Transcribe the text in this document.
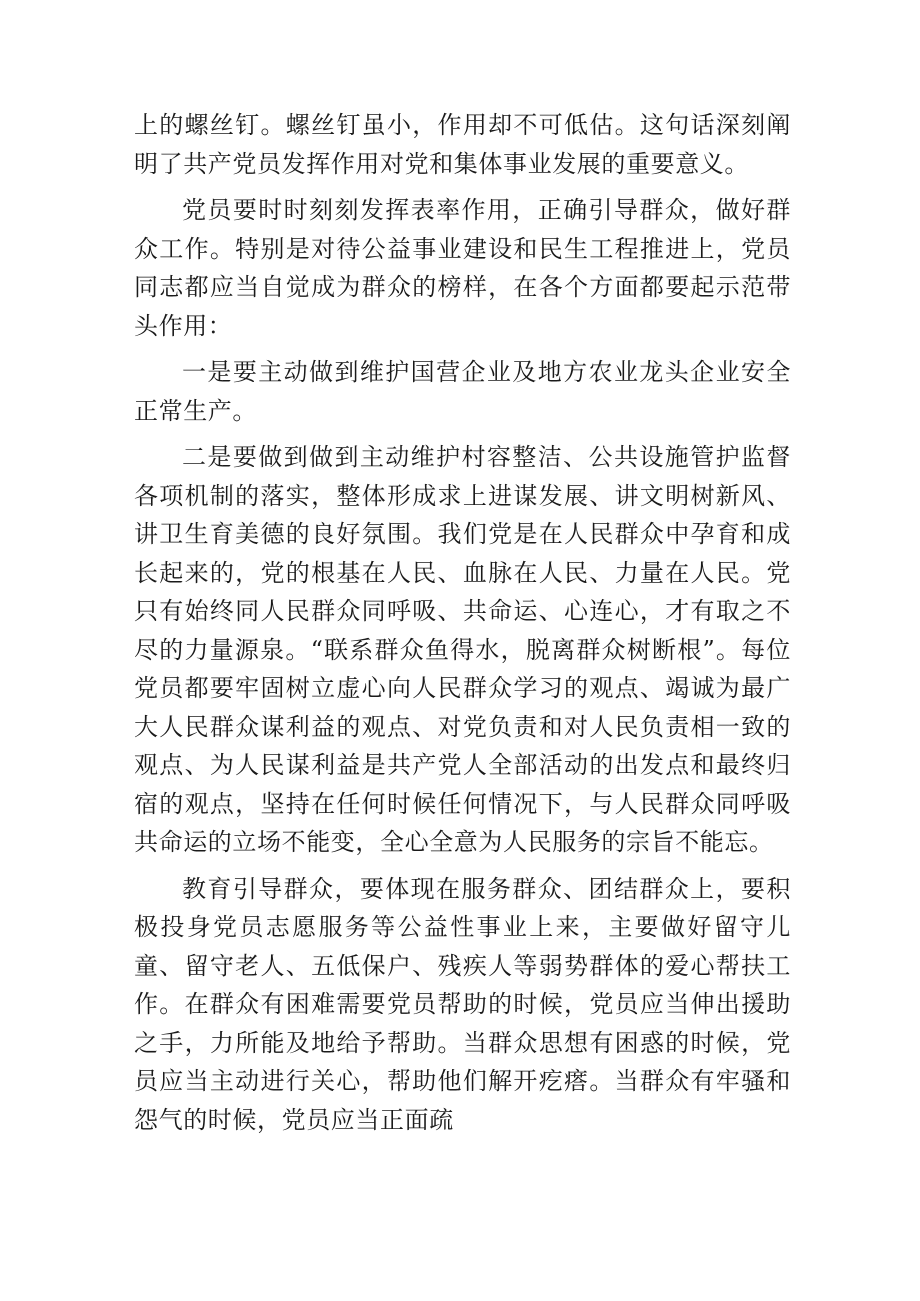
上的螺丝钉。螺丝钉虽小，作用却不可低估。这句话深刻阐明了共产党员发挥作用对党和集体事业发展的重要意义。

党员要时时刻刻发挥表率作用，正确引导群众，做好群众工作。特别是对待公益事业建设和民生工程推进上，党员同志都应当自觉成为群众的榜样，在各个方面都要起示范带头作用：

一是要主动做到维护国营企业及地方农业龙头企业安全正常生产。

二是要做到做到主动维护村容整洁、公共设施管护监督各项机制的落实，整体形成求上进谋发展、讲文明树新风、讲卫生育美德的良好氛围。我们党是在人民群众中孕育和成长起来的，党的根基在人民、血脉在人民、力量在人民。党只有始终同人民群众同呼吸、共命运、心连心，才有取之不尽的力量源泉。“联系群众鱼得水，脱离群众树断根”。每位党员都要牢固树立虚心向人民群众学习的观点、竭诚为最广大人民群众谋利益的观点、对党负责和对人民负责相一致的观点、为人民谋利益是共产党人全部活动的出发点和最终归宿的观点，坚持在任何时候任何情况下，与人民群众同呼吸共命运的立场不能变，全心全意为人民服务的宗旨不能忘。

教育引导群众，要体现在服务群众、团结群众上，要积极投身党员志愿服务等公益性事业上来，主要做好留守儿童、留守老人、五低保户、残疾人等弱势群体的爱心帮扶工作。在群众有困难需要党员帮助的时候，党员应当伸出援助之手，力所能及地给予帮助。当群众思想有困惑的时候，党员应当主动进行关心，帮助他们解开疙瘩。当群众有牢骚和怨气的时候，党员应当正面疏
